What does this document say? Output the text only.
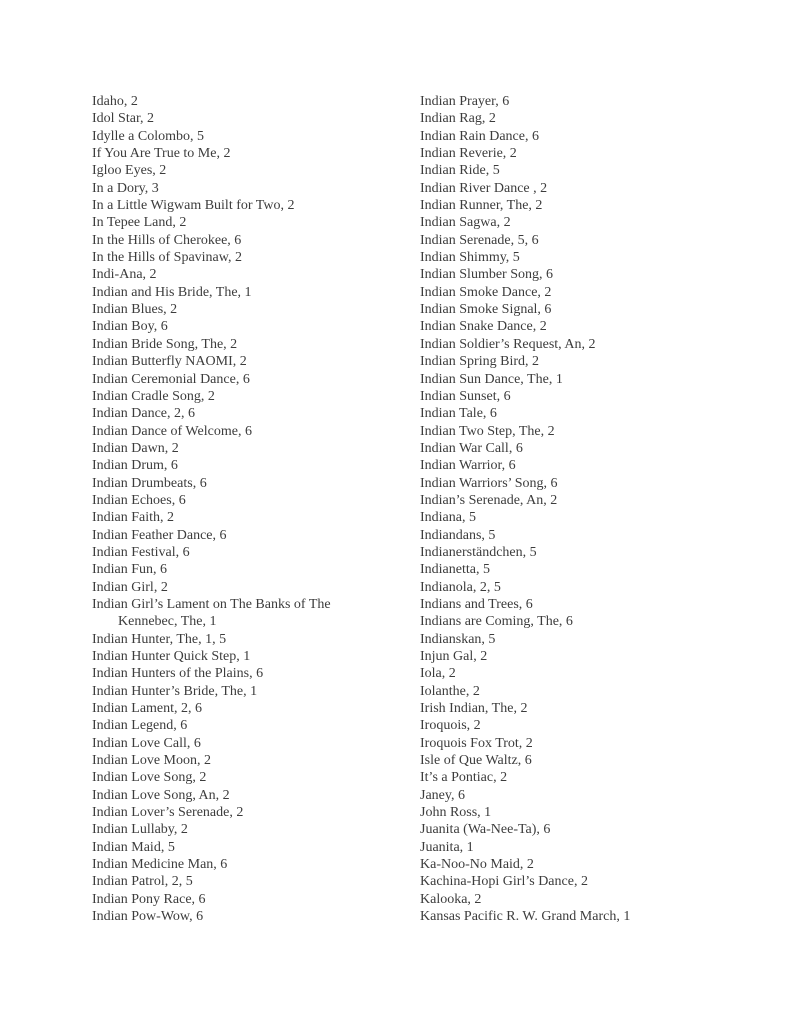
Idaho, 2
Idol Star, 2
Idylle a Colombo, 5
If You Are True to Me, 2
Igloo Eyes, 2
In a Dory, 3
In a Little Wigwam Built for Two, 2
In Tepee Land, 2
In the Hills of Cherokee, 6
In the Hills of Spavinaw, 2
Indi-Ana, 2
Indian and His Bride, The, 1
Indian Blues, 2
Indian Boy, 6
Indian Bride Song, The, 2
Indian Butterfly NAOMI, 2
Indian Ceremonial Dance, 6
Indian Cradle Song, 2
Indian Dance, 2, 6
Indian Dance of Welcome, 6
Indian Dawn, 2
Indian Drum, 6
Indian Drumbeats, 6
Indian Echoes, 6
Indian Faith, 2
Indian Feather Dance, 6
Indian Festival, 6
Indian Fun, 6
Indian Girl, 2
Indian Girl’s Lament on The Banks of The
Kennebec, The, 1
Indian Hunter, The, 1, 5
Indian Hunter Quick Step, 1
Indian Hunters of the Plains, 6
Indian Hunter’s Bride, The, 1
Indian Lament, 2, 6
Indian Legend, 6
Indian Love Call, 6
Indian Love Moon, 2
Indian Love Song, 2
Indian Love Song, An, 2
Indian Lover’s Serenade, 2
Indian Lullaby, 2
Indian Maid, 5
Indian Medicine Man, 6
Indian Patrol, 2, 5
Indian Pony Race, 6
Indian Pow-Wow, 6
Indian Prayer, 6
Indian Rag, 2
Indian Rain Dance, 6
Indian Reverie, 2
Indian Ride, 5
Indian River Dance , 2
Indian Runner, The, 2
Indian Sagwa, 2
Indian Serenade, 5, 6
Indian Shimmy, 5
Indian Slumber Song, 6
Indian Smoke Dance, 2
Indian Smoke Signal, 6
Indian Snake Dance, 2
Indian Soldier’s Request, An, 2
Indian Spring Bird, 2
Indian Sun Dance, The, 1
Indian Sunset, 6
Indian Tale, 6
Indian Two Step, The, 2
Indian War Call, 6
Indian Warrior, 6
Indian Warriors’ Song, 6
Indian’s Serenade, An, 2
Indiana, 5
Indiandans, 5
Indianerständchen, 5
Indianetta, 5
Indianola, 2, 5
Indians and Trees, 6
Indians are Coming, The, 6
Indianskan, 5
Injun Gal, 2
Iola, 2
Iolanthe, 2
Irish Indian, The, 2
Iroquois, 2
Iroquois Fox Trot, 2
Isle of Que Waltz, 6
It’s a Pontiac, 2
Janey, 6
John Ross, 1
Juanita (Wa-Nee-Ta), 6
Juanita, 1
Ka-Noo-No Maid, 2
Kachina-Hopi Girl’s Dance, 2
Kalooka, 2
Kansas Pacific R. W. Grand March, 1
